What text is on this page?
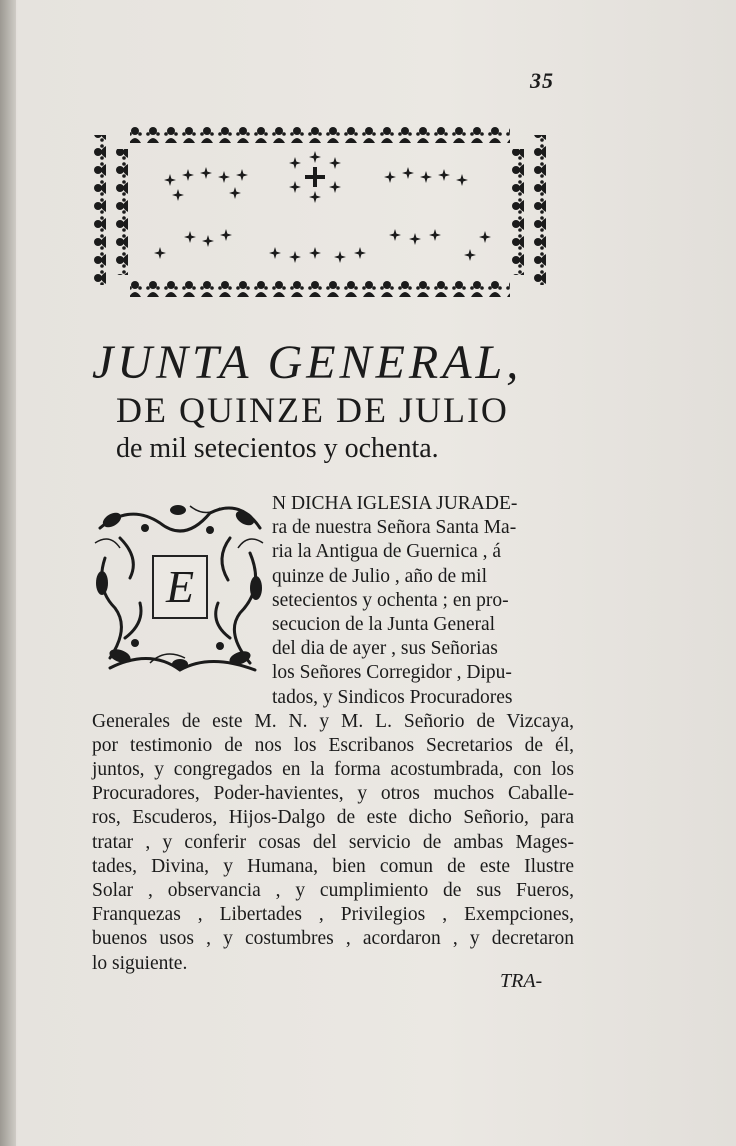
35
JUNTA GENERAL,
DE QUINZE DE JULIO
de mil setecientos y ochenta.
E
N DICHA IGLESIA JURADE-
ra de nuestra Señora Santa Ma-
ria la Antigua de Guernica , á
quinze de Julio , año de mil
setecientos y ochenta ; en pro-
secucion de la Junta General
del dia de ayer , sus Señorias
los Señores Corregidor , Dipu-
tados, y Sindicos Procuradores
Generales de este M. N. y M. L. Señorio de Vizcaya,
por testimonio de nos los Escribanos Secretarios de él,
juntos, y congregados en la forma acostumbrada, con los
Procuradores, Poder-havientes, y otros muchos Caballe-
ros, Escuderos, Hijos-Dalgo de este dicho Señorio, para
tratar , y conferir cosas del servicio de ambas Mages-
tades, Divina, y Humana, bien comun de este Ilustre
Solar , observancia , y cumplimiento de sus Fueros,
Franquezas , Libertades , Privilegios , Exempciones,
buenos usos , y costumbres , acordaron , y decretaron
lo siguiente.
TRA-
